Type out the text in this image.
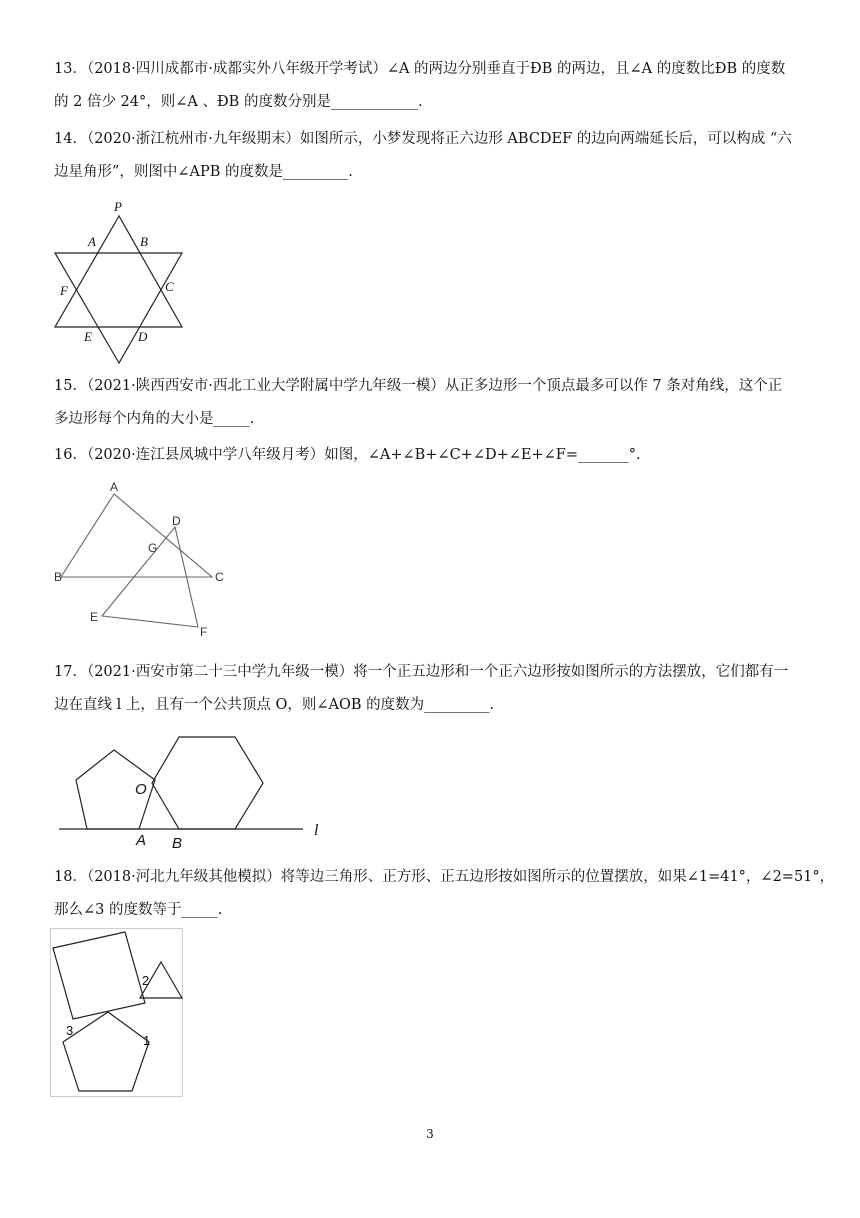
13．（2018·四川成都市·成都实外八年级开学考试）∠A 的两边分别垂直于ÐB 的两边，且∠A 的度数比ÐB 的度数
的 2 倍少 24°，则∠A 、ÐB 的度数分别是____________.
14．（2020·浙江杭州市·九年级期末）如图所示，小梦发现将正六边形 ABCDEF 的边向两端延长后，可以构成 “六
边星角形”，则图中∠APB 的度数是_________.
P
A	B
F	C
E	D
15．（2021·陕西西安市·西北工业大学附属中学九年级一模）从正多边形一个顶点最多可以作 7 条对角线，这个正
多边形每个内角的大小是_____.
16．（2020·连江县凤城中学八年级月考）如图，∠A+∠B+∠C+∠D+∠E+∠F=_______°.
A
D
G
B	C
E
F
17．（2021·西安市第二十三中学九年级一模）将一个正五边形和一个正六边形按如图所示的方法摆放，它们都有一
边在直线 l 上，且有一个公共顶点 O，则∠AOB 的度数为_________.
O
A B
l
18．（2018·河北九年级其他模拟）将等边三角形、正方形、正五边形按如图所示的位置摆放，如果∠1=41°，∠2=51°，
那么∠3 的度数等于_____.
2
3
1
3
